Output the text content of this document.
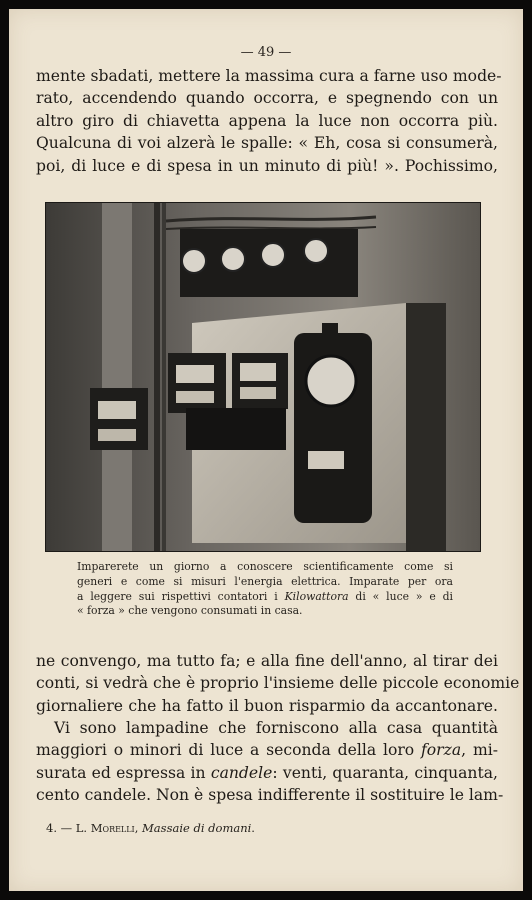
— 49 —
mente sbadati, mettere la massima cura a farne uso mode-
rato, accendendo quando occorra, e spegnendo con un
altro giro di chiavetta appena la luce non occorra più.
Qualcuna di voi alzerà le spalle: « Eh, cosa si consumerà,
poi, di luce e di spesa in un minuto di più! ». Pochissimo,
Imparerete un giorno a conoscere scientificamente come si
generi e come si misuri l'energia elettrica. Imparate per ora
a leggere sui rispettivi contatori i Kilowattora di « luce » e di
« forza » che vengono consumati in casa.
ne convengo, ma tutto fa; e alla fine dell'anno, al tirar dei
conti, si vedrà che è proprio l'insieme delle piccole economie
giornaliere che ha fatto il buon risparmio da accantonare.
Vi sono lampadine che forniscono alla casa quantità
maggiori o minori di luce a seconda della loro forza, mi-
surata ed espressa in candele: venti, quaranta, cinquanta,
cento candele. Non è spesa indifferente il sostituire le lam-
4. — L. Morelli, Massaie di domani.
